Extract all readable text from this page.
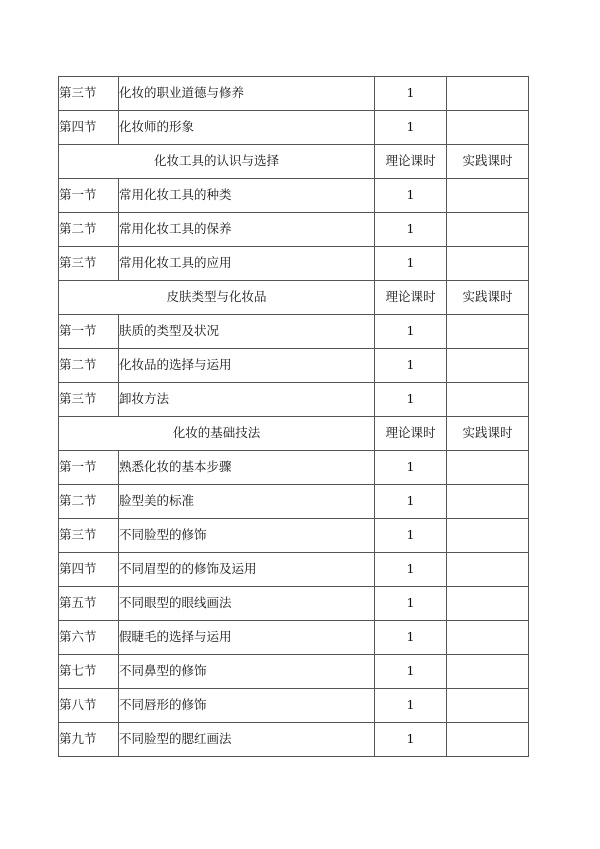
第三节	化妆的职业道德与修养	1	
第四节	化妆师的形象	1	
化妆工具的认识与选择		理论课时	实践课时
第一节	常用化妆工具的种类	1	
第二节	常用化妆工具的保养	1	
第三节	常用化妆工具的应用	1	
皮肤类型与化妆品		理论课时	实践课时
第一节	肤质的类型及状况	1	
第二节	化妆品的选择与运用	1	
第三节	卸妆方法	1	
化妆的基础技法		理论课时	实践课时
第一节	熟悉化妆的基本步骤	1	
第二节	脸型美的标准	1	
第三节	不同脸型的修饰	1	
第四节	不同眉型的的修饰及运用	1	
第五节	不同眼型的眼线画法	1	
第六节	假睫毛的选择与运用	1	
第七节	不同鼻型的修饰	1	
第八节	不同唇形的修饰	1	
第九节	不同脸型的腮红画法	1	
